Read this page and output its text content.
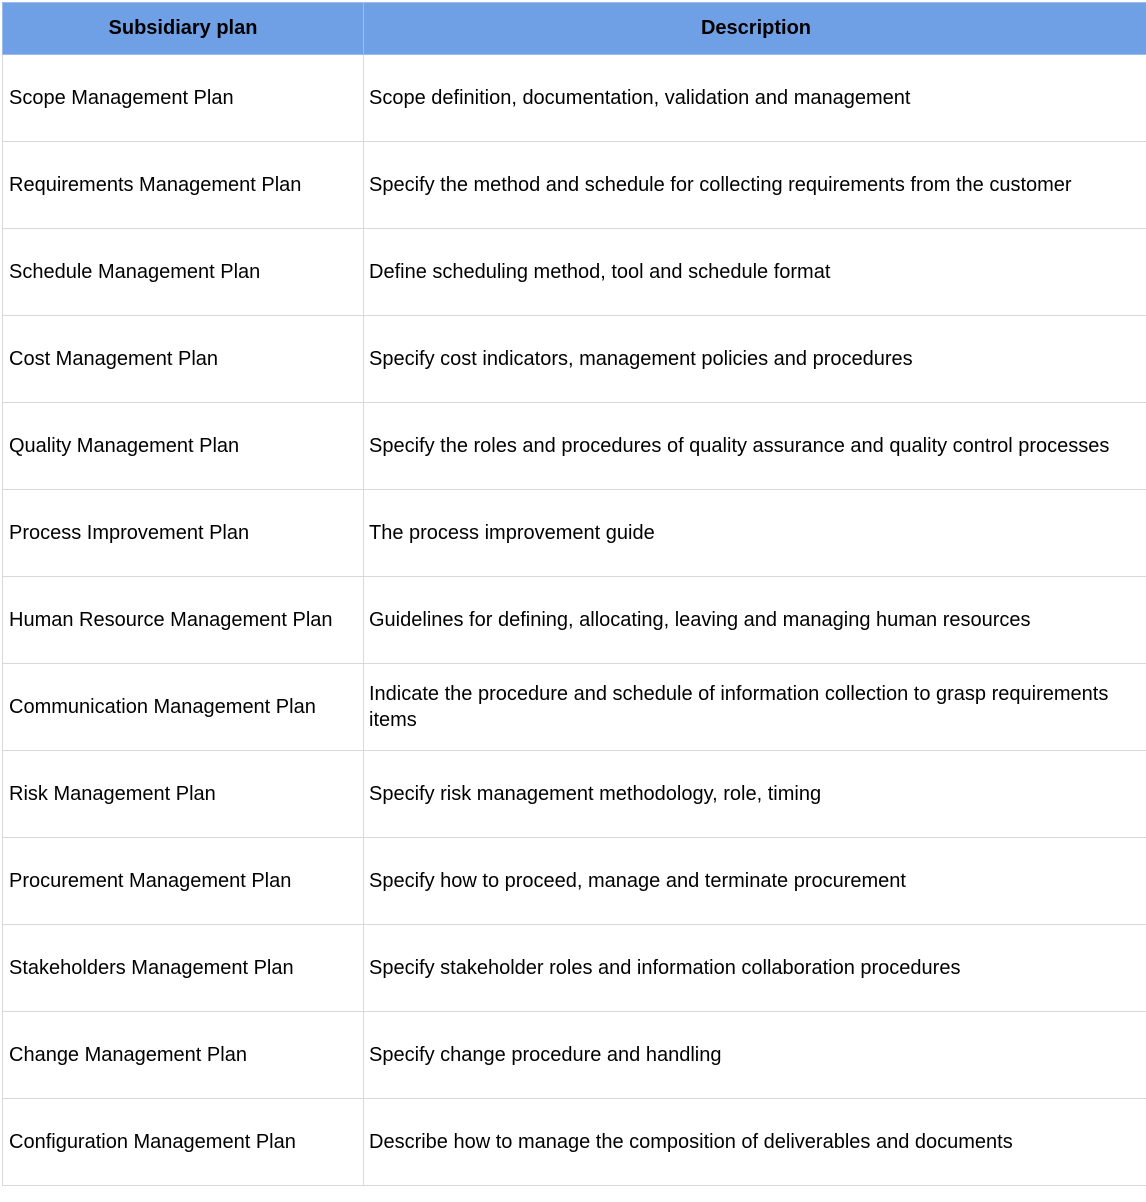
Subsidiary plan	Description
Scope Management Plan	Scope definition, documentation, validation and management
Requirements Management Plan	Specify the method and schedule for collecting requirements from the customer
Schedule Management Plan	Define scheduling method, tool and schedule format
Cost Management Plan	Specify cost indicators, management policies and procedures
Quality Management Plan	Specify the roles and procedures of quality assurance and quality control processes
Process Improvement Plan	The process improvement guide
Human Resource Management Plan	Guidelines for defining, allocating, leaving and managing human resources
Communication Management Plan	Indicate the procedure and schedule of information collection to grasp requirements items
Risk Management Plan	Specify risk management methodology, role, timing
Procurement Management Plan	Specify how to proceed, manage and terminate procurement
Stakeholders Management Plan	Specify stakeholder roles and information collaboration procedures
Change Management Plan	Specify change procedure and handling
Configuration Management Plan	Describe how to manage the composition of deliverables and documents
